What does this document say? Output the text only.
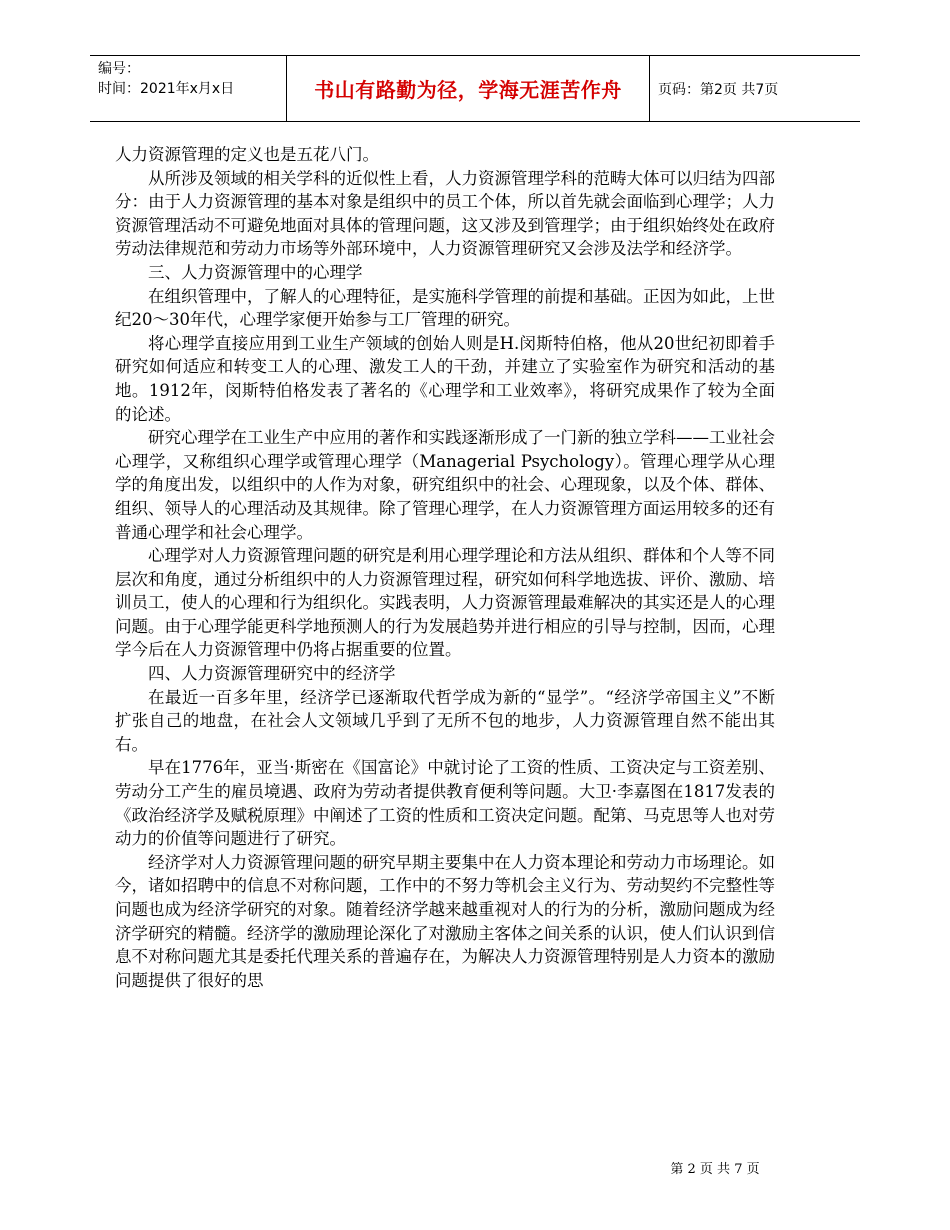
编号：
时间：2021年x月x日	书山有路勤为径，学海无涯苦作舟	页码：第2页 共7页

人力资源管理的定义也是五花八门。

从所涉及领域的相关学科的近似性上看，人力资源管理学科的范畴大体可以归结为四部分：由于人力资源管理的基本对象是组织中的员工个体，所以首先就会面临到心理学；人力资源管理活动不可避免地面对具体的管理问题，这又涉及到管理学；由于组织始终处在政府劳动法律规范和劳动力市场等外部环境中，人力资源管理研究又会涉及法学和经济学。

三、人力资源管理中的心理学

在组织管理中，了解人的心理特征，是实施科学管理的前提和基础。正因为如此，上世纪20～30年代，心理学家便开始参与工厂管理的研究。

将心理学直接应用到工业生产领域的创始人则是H.闵斯特伯格，他从20世纪初即着手研究如何适应和转变工人的心理、激发工人的干劲，并建立了实验室作为研究和活动的基地。1912年，闵斯特伯格发表了著名的《心理学和工业效率》，将研究成果作了较为全面的论述。

研究心理学在工业生产中应用的著作和实践逐渐形成了一门新的独立学科——工业社会心理学，又称组织心理学或管理心理学（Managerial Psychology）。管理心理学从心理学的角度出发，以组织中的人作为对象，研究组织中的社会、心理现象，以及个体、群体、组织、领导人的心理活动及其规律。除了管理心理学，在人力资源管理方面运用较多的还有普通心理学和社会心理学。

心理学对人力资源管理问题的研究是利用心理学理论和方法从组织、群体和个人等不同层次和角度，通过分析组织中的人力资源管理过程，研究如何科学地选拔、评价、激励、培训员工，使人的心理和行为组织化。实践表明，人力资源管理最难解决的其实还是人的心理问题。由于心理学能更科学地预测人的行为发展趋势并进行相应的引导与控制，因而，心理学今后在人力资源管理中仍将占据重要的位置。

四、人力资源管理研究中的经济学

在最近一百多年里，经济学已逐渐取代哲学成为新的“显学”。“经济学帝国主义”不断扩张自己的地盘，在社会人文领域几乎到了无所不包的地步，人力资源管理自然不能出其右。

早在1776年，亚当·斯密在《国富论》中就讨论了工资的性质、工资决定与工资差别、劳动分工产生的雇员境遇、政府为劳动者提供教育便利等问题。大卫·李嘉图在1817发表的《政治经济学及赋税原理》中阐述了工资的性质和工资决定问题。配第、马克思等人也对劳动力的价值等问题进行了研究。

经济学对人力资源管理问题的研究早期主要集中在人力资本理论和劳动力市场理论。如今，诸如招聘中的信息不对称问题，工作中的不努力等机会主义行为、劳动契约不完整性等问题也成为经济学研究的对象。随着经济学越来越重视对人的行为的分析，激励问题成为经济学研究的精髓。经济学的激励理论深化了对激励主客体之间关系的认识，使人们认识到信息不对称问题尤其是委托代理关系的普遍存在，为解决人力资源管理特别是人力资本的激励问题提供了很好的思

第 2 页 共 7 页
